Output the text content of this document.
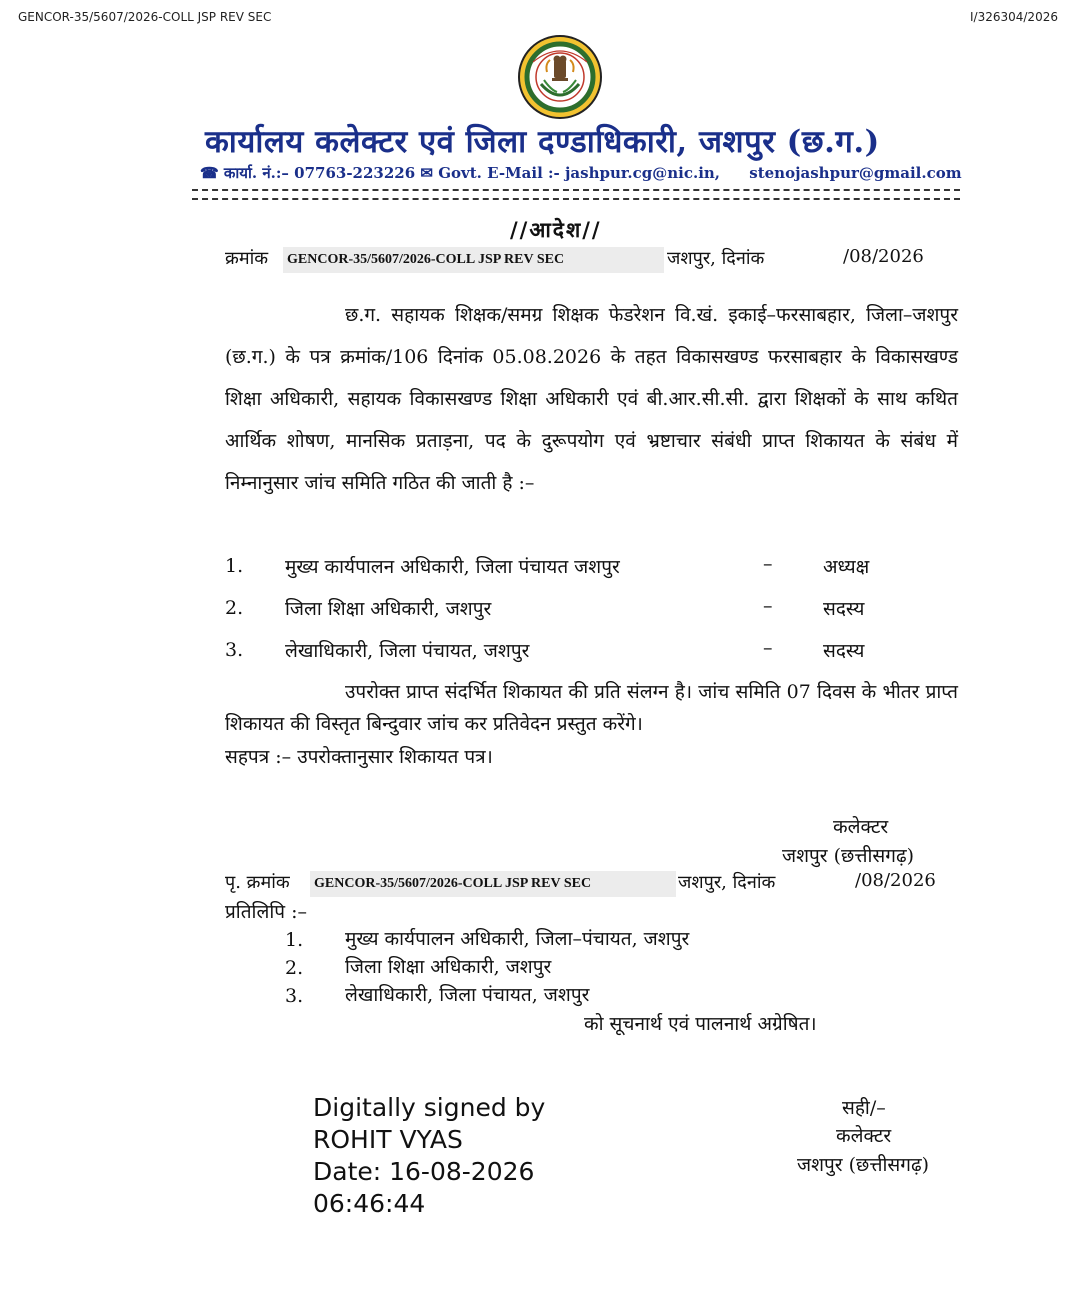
GENCOR-35/5607/2026-COLL JSP REV SEC	I/326304/2026
कार्यालय कलेक्टर एवं जिला दण्डाधिकारी, जशपुर (छ.ग.)
☎ कार्या. नं.:– 07763-223226 ✉ Govt. E-Mail :- jashpur.cg@nic.in, stenojashpur@gmail.com
//आदेश//
क्रमांक GENCOR-35/5607/2026-COLL JSP REV SEC	जशपुर, दिनांक	/08/2026

छ.ग. सहायक शिक्षक/समग्र शिक्षक फेडरेशन वि.खं. इकाई–फरसाबहार, जिला–जशपुर (छ.ग.) के पत्र क्रमांक/106 दिनांक 05.08.2026 के तहत विकासखण्ड फरसाबहार के विकासखण्ड शिक्षा अधिकारी, सहायक विकासखण्ड शिक्षा अधिकारी एवं बी.आर.सी.सी. द्वारा शिक्षकों के साथ कथित आर्थिक शोषण, मानसिक प्रताड़ना, पद के दुरूपयोग एवं भ्रष्टाचार संबंधी प्राप्त शिकायत के संबंध में निम्नानुसार जांच समिति गठित की जाती है :–

1. मुख्य कार्यपालन अधिकारी, जिला पंचायत जशपुर	–	अध्यक्ष
2. जिला शिक्षा अधिकारी, जशपुर	–	सदस्य
3. लेखाधिकारी, जिला पंचायत, जशपुर	–	सदस्य

उपरोक्त प्राप्त संदर्भित शिकायत की प्रति संलग्न है। जांच समिति 07 दिवस के भीतर प्राप्त शिकायत की विस्तृत बिन्दुवार जांच कर प्रतिवेदन प्रस्तुत करेंगे।

सहपत्र :– उपरोक्तानुसार शिकायत पत्र।
कलेक्टर
जशपुर (छत्तीसगढ़)
पृ. क्रमांक GENCOR-35/5607/2026-COLL JSP REV SEC	जशपुर, दिनांक	/08/2026
प्रतिलिपि :–
1. मुख्य कार्यपालन अधिकारी, जिला–पंचायत, जशपुर
2. जिला शिक्षा अधिकारी, जशपुर
3. लेखाधिकारी, जिला पंचायत, जशपुर
को सूचनार्थ एवं पालनार्थ अग्रेषित।
Digitally signed by
ROHIT VYAS
Date: 16-08-2026
06:46:44
सही/–
कलेक्टर
जशपुर (छत्तीसगढ़)
